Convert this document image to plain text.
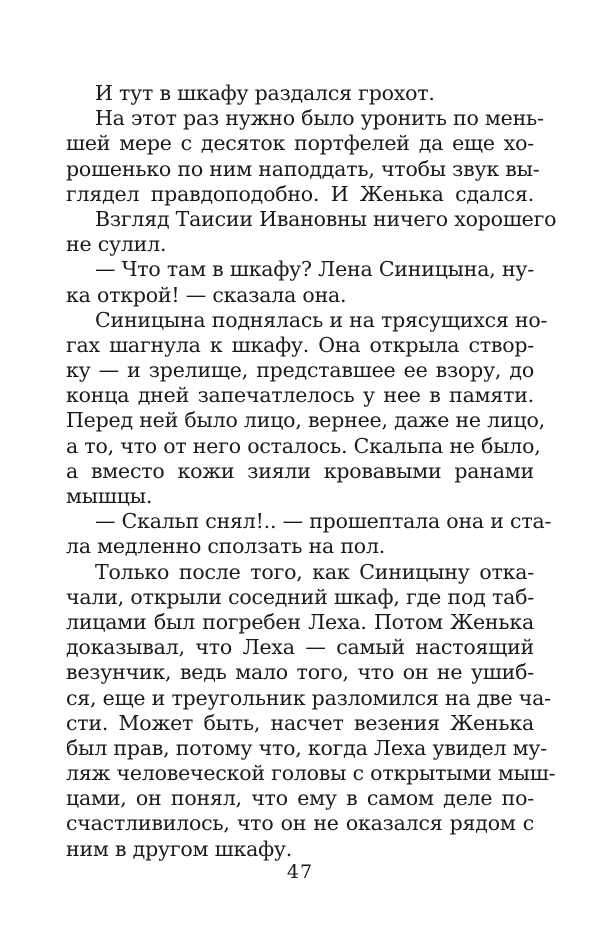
И тут в шкафу раздался грохот.
На этот раз нужно было уронить по мень-
шей мере с десяток портфелей да еще хо-
рошенько по ним наподдать, чтобы звук вы-
глядел правдоподобно. И Женька сдался.
Взгляд Таисии Ивановны ничего хорошего
не сулил.
— Что там в шкафу? Лена Синицына, ну-
ка открой! — сказала она.
Синицына поднялась и на трясущихся но-
гах шагнула к шкафу. Она открыла створ-
ку — и зрелище, представшее ее взору, до
конца дней запечатлелось у нее в памяти.
Перед ней было лицо, вернее, даже не лицо,
а то, что от него осталось. Скальпа не было,
а вместо кожи зияли кровавыми ранами
мышцы.
— Скальп снял!.. — прошептала она и ста-
ла медленно сползать на пол.
Только после того, как Синицыну отка-
чали, открыли соседний шкаф, где под таб-
лицами был погребен Леха. Потом Женька
доказывал, что Леха — самый настоящий
везунчик, ведь мало того, что он не ушиб-
ся, еще и треугольник разломился на две ча-
сти. Может быть, насчет везения Женька
был прав, потому что, когда Леха увидел му-
ляж человеческой головы с открытыми мыш-
цами, он понял, что ему в самом деле по-
счастливилось, что он не оказался рядом с
ним в другом шкафу.
47
